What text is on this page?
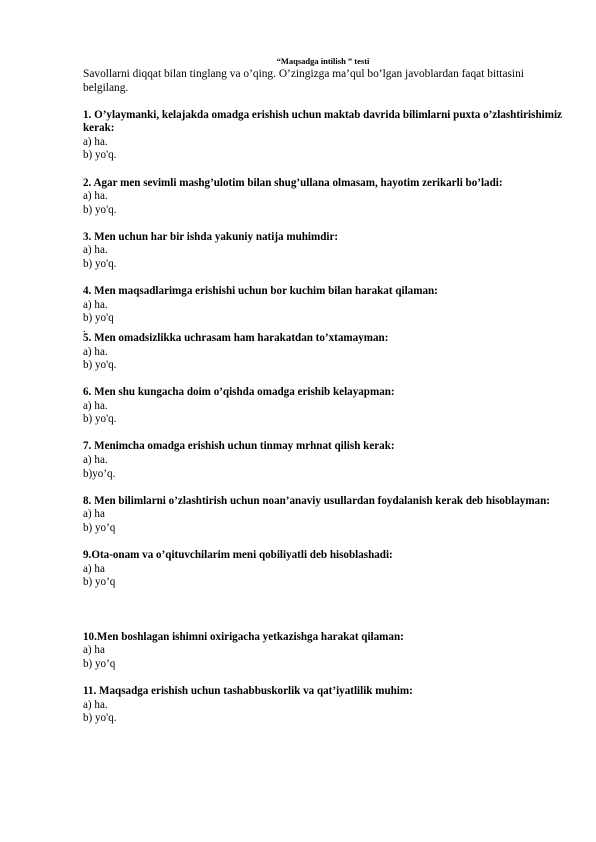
“Maqsadga intilish ” testi

Savollarni diqqat bilan tinglang va o’qing. O’zingizga ma’qul bo’lgan javoblardan faqat bittasini belgilang.

1. O’ylaymanki, kelajakda omadga erishish uchun maktab davrida bilimlarni puxta o’zlashtirishimiz kerak:
a) ha.
b) yo'q.
2. Agar men sevimli mashg’ulotim bilan shug’ullana olmasam, hayotim zerikarli bo’ladi:
a) ha.
b) yo'q.
3. Men uchun har bir ishda yakuniy natija muhimdir:
a) ha.
b) yo'q.
4. Men maqsadlarimga erishishi uchun bor kuchim bilan harakat qilaman:
a) ha.
b) yo'q
.
5. Men omadsizlikka uchrasam ham harakatdan to’xtamayman:
a) ha.
b) yo'q.
6. Men shu kungacha doim o’qishda omadga erishib kelayapman:
a) ha.
b) yo'q.
7. Menimcha omadga erishish uchun tinmay mrhnat qilish kerak:
a) ha.
b)yo’q.
8. Men bilimlarni o’zlashtirish uchun noan’anaviy usullardan foydalanish kerak deb hisoblayman:
a) ha
b) yo’q
9.Ota-onam va o’qituvchilarim meni qobiliyatli deb hisoblashadi:
a) ha
b) yo’q
10.Men boshlagan ishimni oxirigacha yetkazishga harakat qilaman:
a) ha
b) yo’q
11. Maqsadga erishish uchun tashabbuskorlik va qat’iyatlilik muhim:
a) ha.
b) yo'q.
